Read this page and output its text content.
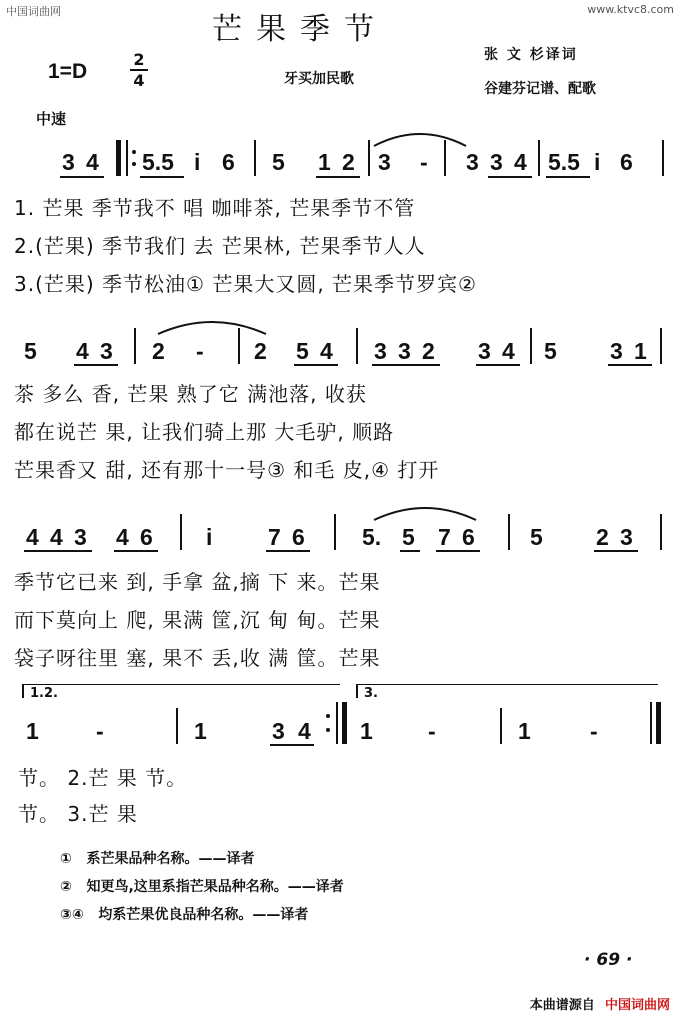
中国词曲网	www.ktvc8.com
芒果季节
1=D
2
4	牙买加民歌
张 文 杉译词
谷建芬记谱、配歌
中速
3 4 5.5 i 6 5 1 2 3 - 3 3 4 5.5 i 6
1. 芒果 季节我不 唱 咖啡茶, 芒果季节不管
2.(芒果) 季节我们 去 芒果林, 芒果季节人人
3.(芒果) 季节松油① 芒果大又圆, 芒果季节罗宾②
5 4 3 2 - 2 5 4 3 3 2 3 4 5 3 1
茶 多么 香, 芒果 熟了它 满池落, 收获
都在说芒 果, 让我们骑上那 大毛驴, 顺路
芒果香又 甜, 还有那十一号③ 和毛 皮,④ 打开
4 4 3 4 6 i 7 6 5. 5 7 6 5 2 3
季节它已来 到, 手拿 盆,摘 下 来。芒果
而下莫向上 爬, 果满 筐,沉 甸 甸。芒果
袋子呀往里 塞, 果不 丢,收 满 筐。芒果
1.2.	3.
1 -	1	3 4 1 -	1	-
节。 2.芒 果 节。
节。 3.芒 果
① 系芒果品种名称。——译者
② 知更鸟,这里系指芒果品种名称。——译者
③④ 均系芒果优良品种名称。——译者
· 69 ·
本曲谱源自 中国词曲网
